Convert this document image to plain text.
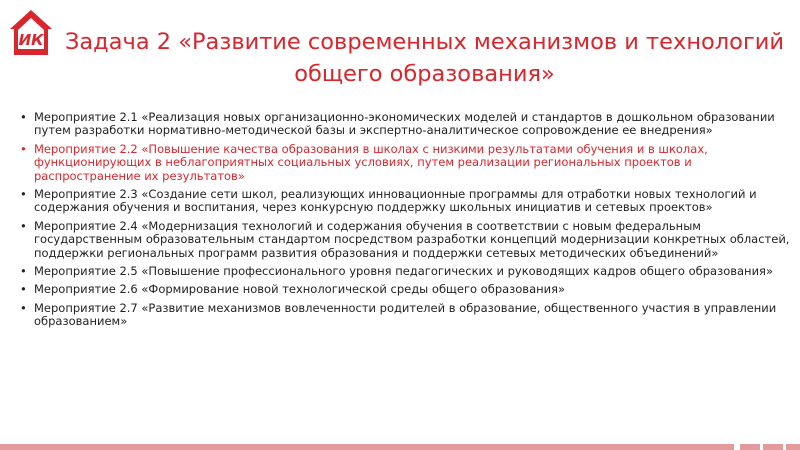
ИК Задача 2 «Развитие современных механизмов и технологий общего образования»
• Мероприятие 2.1 «Реализация новых организационно-экономических моделей и стандартов в дошкольном образовании путем разработки нормативно-методической базы и экспертно-аналитическое сопровождение ее внедрения»
• Мероприятие 2.2 «Повышение качества образования в школах с низкими результатами обучения и в школах, функционирующих в неблагоприятных социальных условиях, путем реализации региональных проектов и распространение их результатов»
• Мероприятие 2.3 «Создание сети школ, реализующих инновационные программы для отработки новых технологий и содержания обучения и воспитания, через конкурсную поддержку школьных инициатив и сетевых проектов»
• Мероприятие 2.4 «Модернизация технологий и содержания обучения в соответствии с новым федеральным государственным образовательным стандартом посредством разработки концепций модернизации конкретных областей, поддержки региональных программ развития образования и поддержки сетевых методических объединений»
• Мероприятие 2.5 «Повышение профессионального уровня педагогических и руководящих кадров общего образования»
• Мероприятие 2.6 «Формирование новой технологической среды общего образования»
• Мероприятие 2.7 «Развитие механизмов вовлеченности родителей в образование, общественного участия в управлении образованием»
